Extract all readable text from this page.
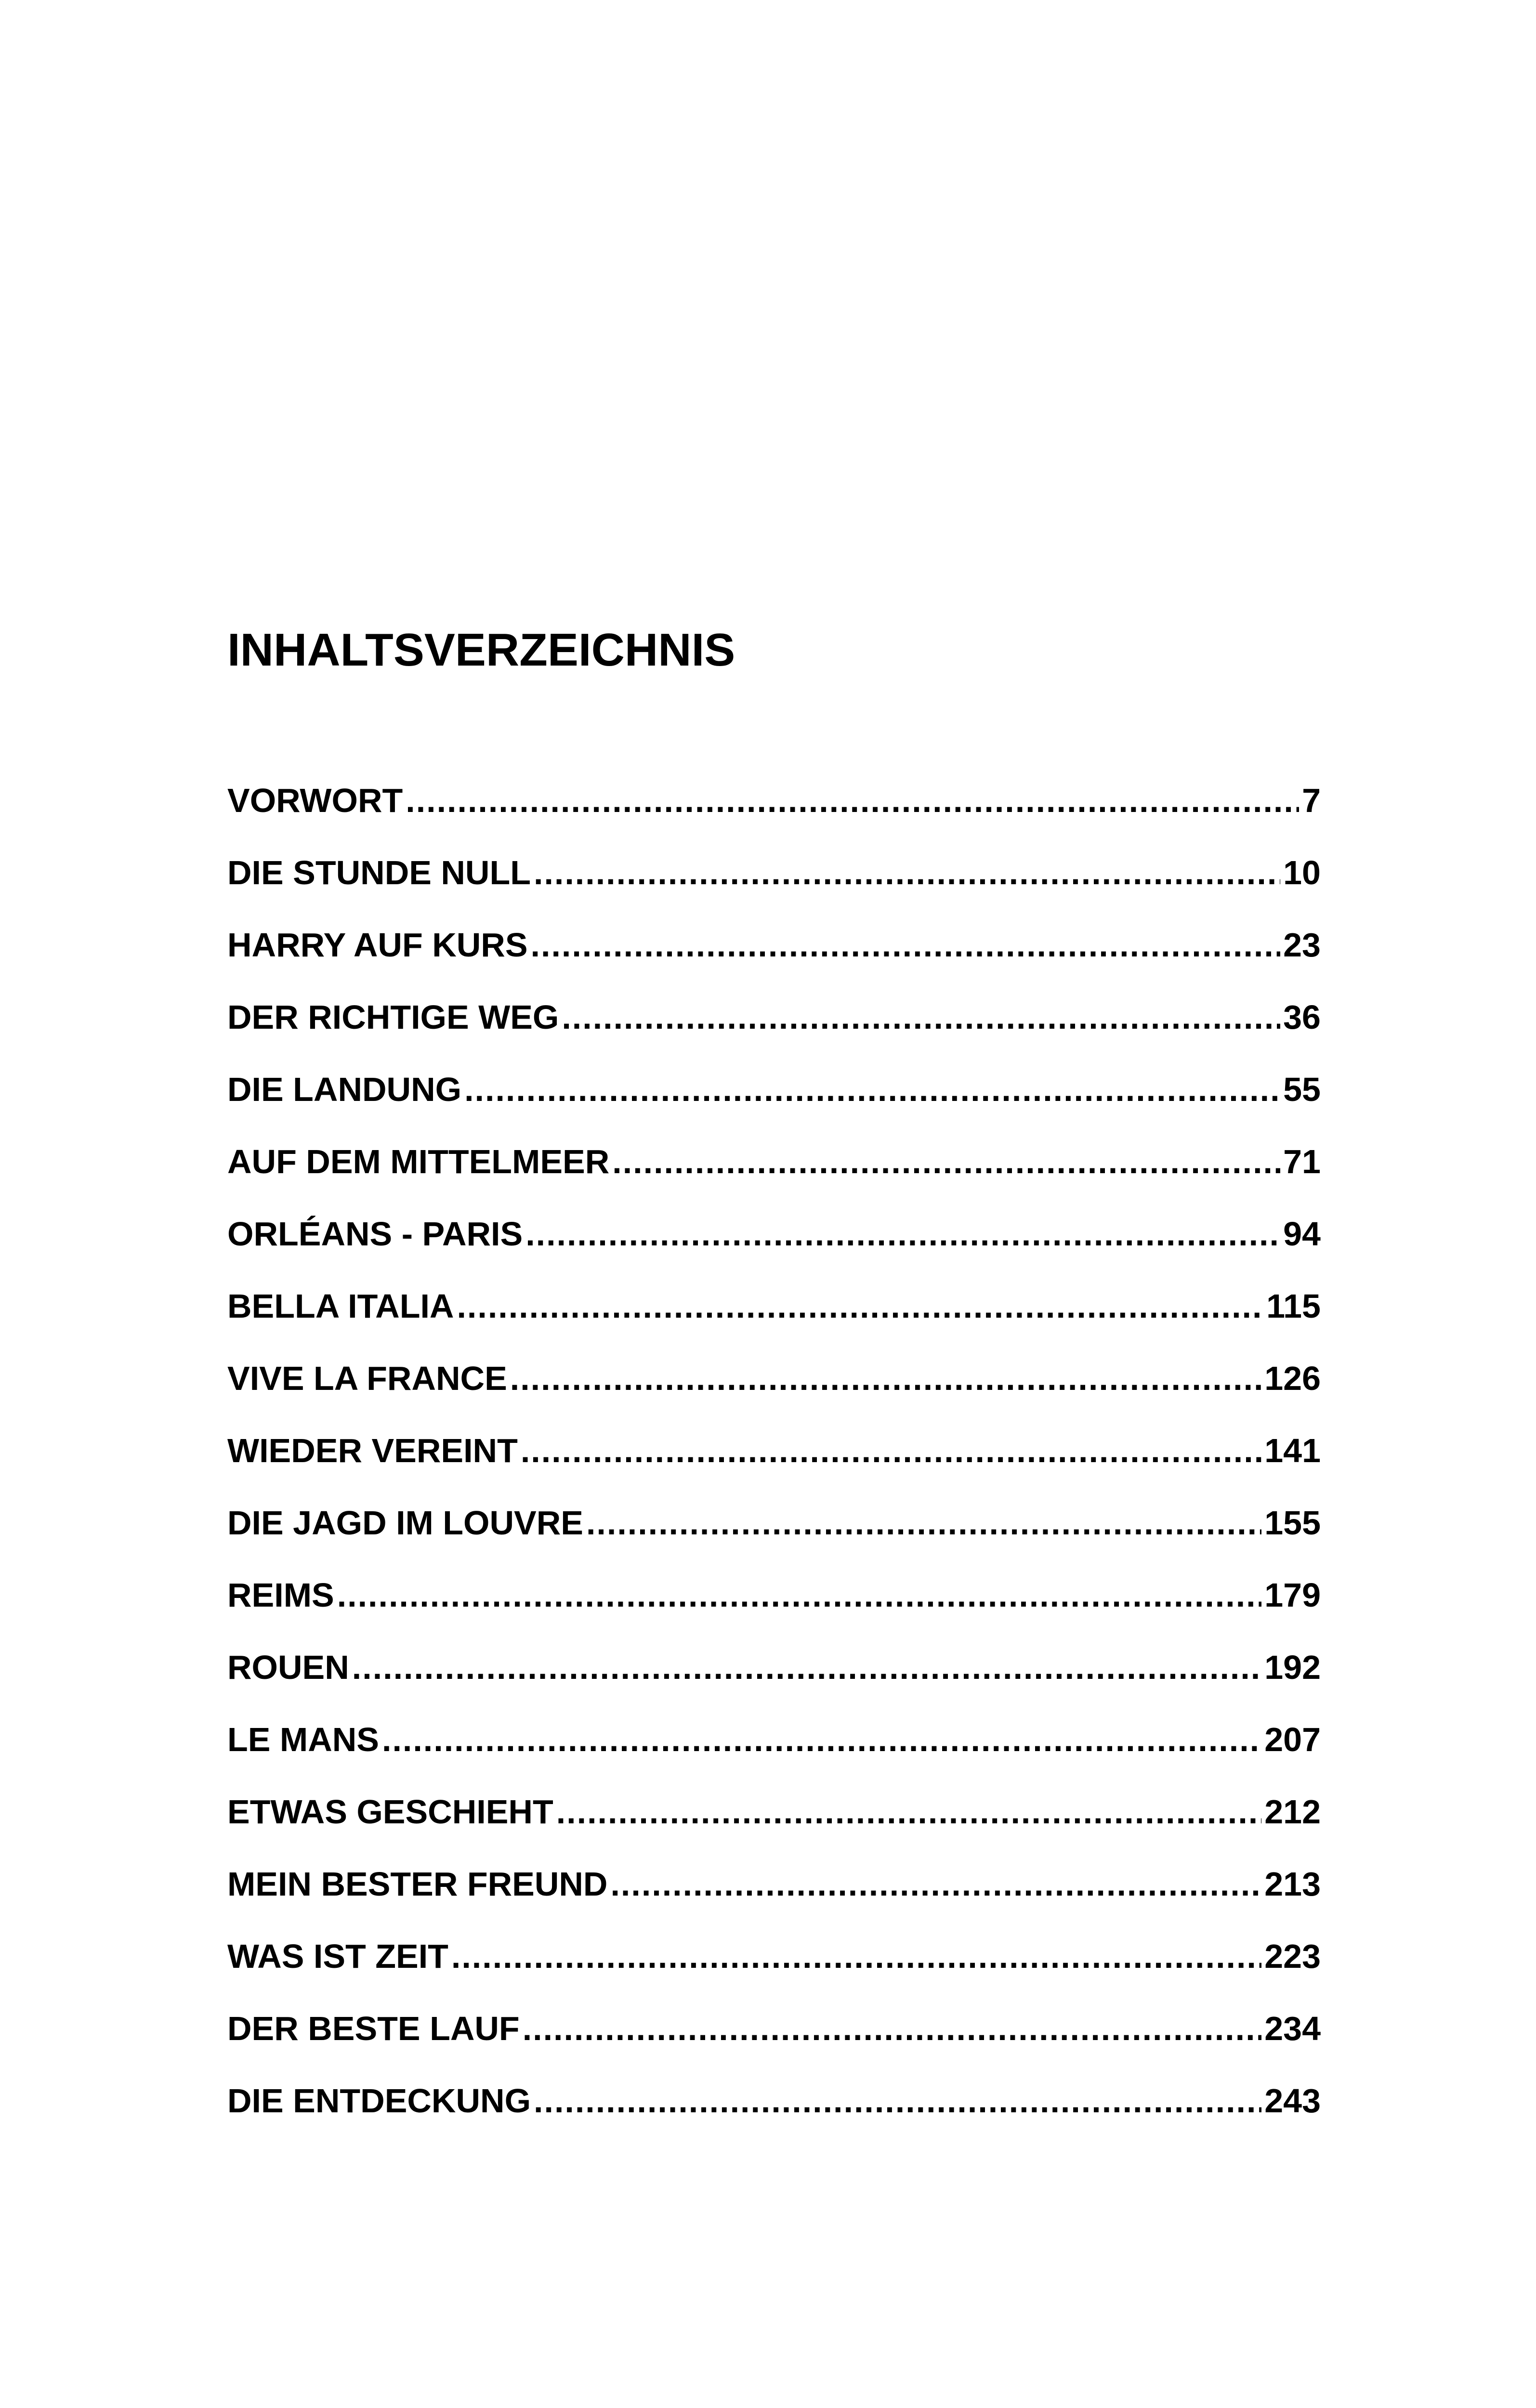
INHALTSVERZEICHNIS
VORWORT .....	7
DIE STUNDE NULL .....	10
HARRY AUF KURS .....	23
DER RICHTIGE WEG .....	36
DIE LANDUNG .....	55
AUF DEM MITTELMEER .....	71
ORLÉANS - PARIS .....	94
BELLA ITALIA .....	115
VIVE LA FRANCE .....	126
WIEDER VEREINT .....	141
DIE JAGD IM LOUVRE .....	155
REIMS .....	179
ROUEN .....	192
LE MANS .....	207
ETWAS GESCHIEHT .....	212
MEIN BESTER FREUND .....	213
WAS IST ZEIT .....	223
DER BESTE LAUF .....	234
DIE ENTDECKUNG .....	243
